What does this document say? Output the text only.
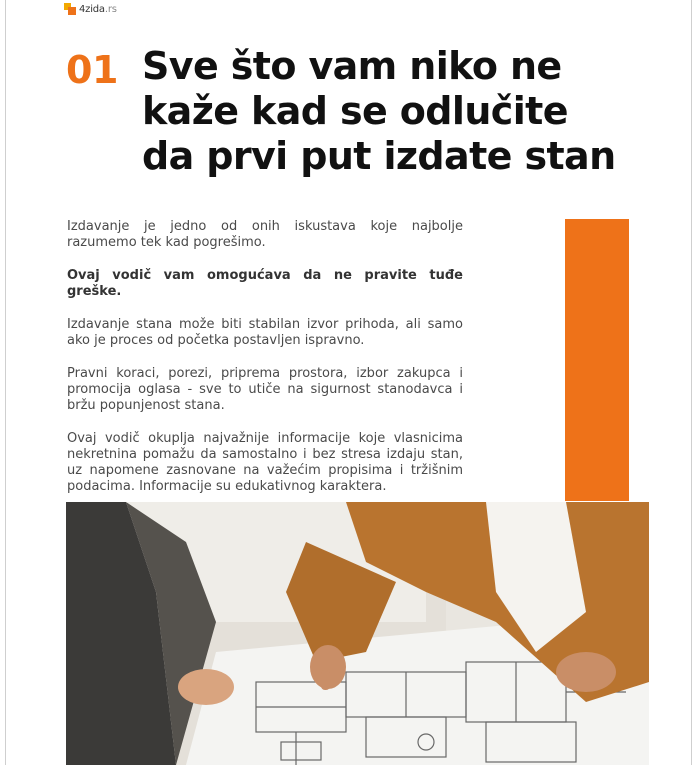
4zida.rs
01 Sve što vam niko ne
kaže kad se odlučite
da prvi put izdate stan

Izdavanje je jedno od onih iskustava koje najbolje razumemo tek kad pogrešimo.

Ovaj vodič vam omogućava da ne pravite tuđe greške.

Izdavanje stana može biti stabilan izvor prihoda, ali samo ako je proces od početka postavljen ispravno.

Pravni koraci, porezi, priprema prostora, izbor zakupca i promocija oglasa - sve to utiče na sigurnost stanodavca i bržu popunjenost stana.

Ovaj vodič okuplja najvažnije informacije koje vlasnicima nekretnina pomažu da samostalno i bez stresa izdaju stan, uz napomene zasnovane na važećim propisima i tržišnim podacima. Informacije su edukativnog karaktera.
